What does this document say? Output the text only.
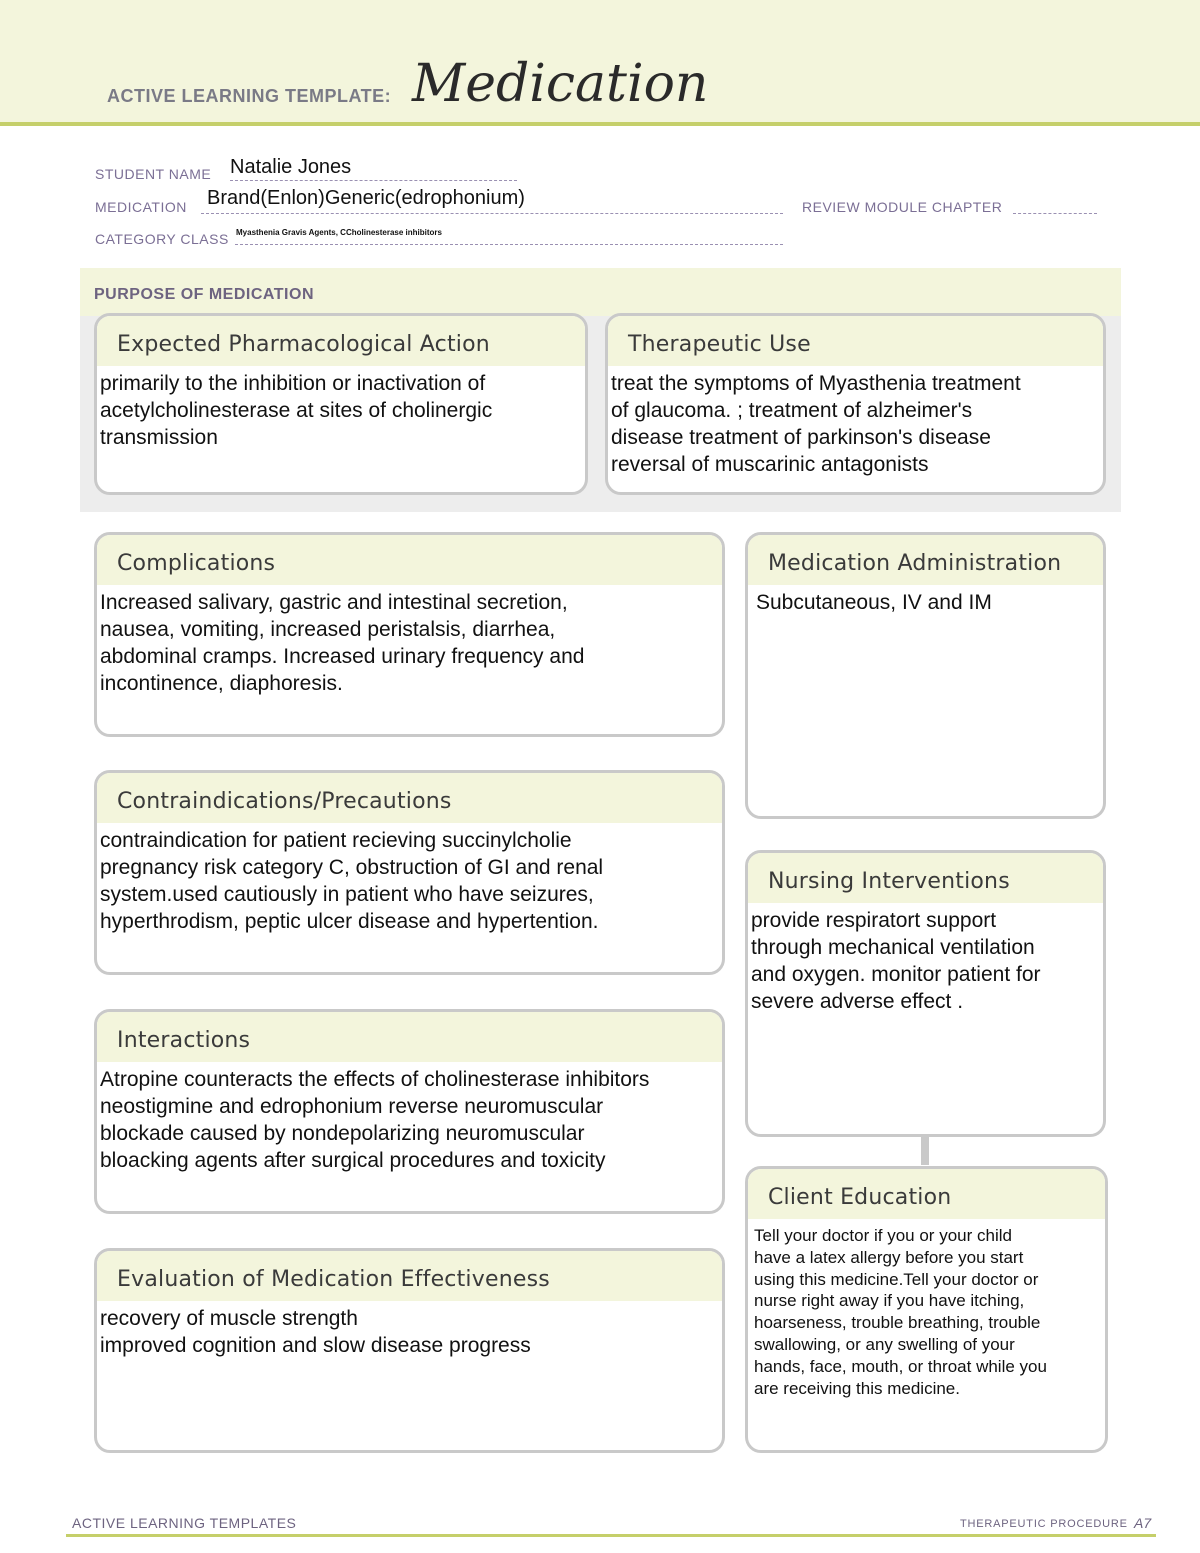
ACTIVE LEARNING TEMPLATE: Medication
STUDENT NAME Natalie Jones
MEDICATION Brand(Enlon)Generic(edrophonium)	REVIEW MODULE CHAPTER
CATEGORY CLASS Myasthenia Gravis Agents, CCholinesterase inhibitors
PURPOSE OF MEDICATION
Expected Pharmacological Action
primarily to the inhibition or inactivation of
acetylcholinesterase at sites of cholinergic
transmission
Therapeutic Use
treat the symptoms of Myasthenia treatment
of glaucoma. ; treatment of alzheimer's
disease treatment of parkinson's disease
reversal of muscarinic antagonists
Complications
Increased salivary, gastric and intestinal secretion,
nausea, vomiting, increased peristalsis, diarrhea,
abdominal cramps. Increased urinary frequency and
incontinence, diaphoresis.
Contraindications/Precautions
contraindication for patient recieving succinylcholie
pregnancy risk category C, obstruction of GI and renal
system.used cautiously in patient who have seizures,
hyperthrodism, peptic ulcer disease and hypertention.
Interactions
Atropine counteracts the effects of cholinesterase inhibitors
neostigmine and edrophonium reverse neuromuscular
blockade caused by nondepolarizing neuromuscular
bloacking agents after surgical procedures and toxicity
Evaluation of Medication Effectiveness
recovery of muscle strength
improved cognition and slow disease progress
Medication Administration
Subcutaneous, IV and IM
Nursing Interventions
provide respiratort support
through mechanical ventilation
and oxygen. monitor patient for
severe adverse effect .
Client Education
Tell your doctor if you or your child
have a latex allergy before you start
using this medicine.Tell your doctor or
nurse right away if you have itching,
hoarseness, trouble breathing, trouble
swallowing, or any swelling of your
hands, face, mouth, or throat while you
are receiving this medicine.
ACTIVE LEARNING TEMPLATES	THERAPEUTIC PROCEDURE A7
